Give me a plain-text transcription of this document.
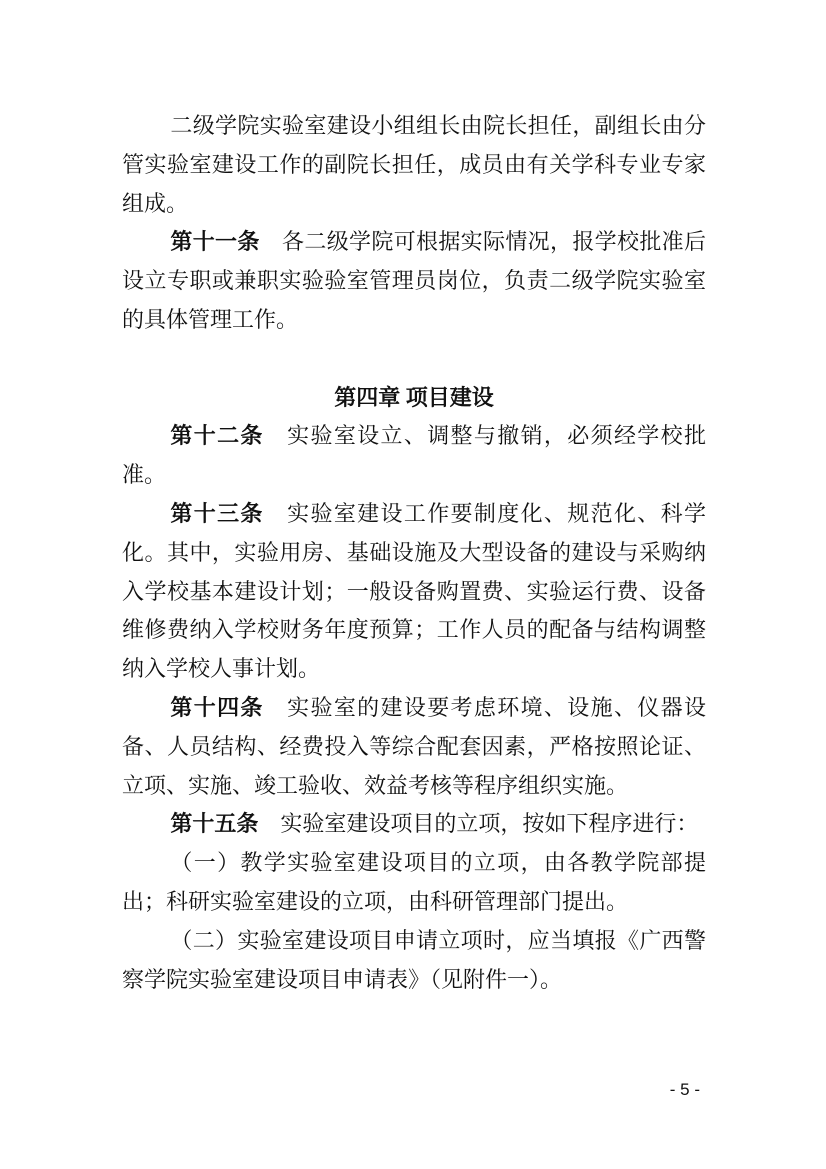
二级学院实验室建设小组组长由院长担任，副组长由分管实验室建设工作的副院长担任，成员由有关学科专业专家组成。

第十一条　各二级学院可根据实际情况，报学校批准后设立专职或兼职实验验室管理员岗位，负责二级学院实验室的具体管理工作。

第四章 项目建设

第十二条　实验室设立、调整与撤销，必须经学校批准。

第十三条　实验室建设工作要制度化、规范化、科学化。其中，实验用房、基础设施及大型设备的建设与采购纳入学校基本建设计划；一般设备购置费、实验运行费、设备维修费纳入学校财务年度预算；工作人员的配备与结构调整纳入学校人事计划。

第十四条　实验室的建设要考虑环境、设施、仪器设备、人员结构、经费投入等综合配套因素，严格按照论证、立项、实施、竣工验收、效益考核等程序组织实施。

第十五条　实验室建设项目的立项，按如下程序进行：

（一）教学实验室建设项目的立项，由各教学院部提出；科研实验室建设的立项，由科研管理部门提出。

（二）实验室建设项目申请立项时，应当填报《广西警察学院实验室建设项目申请表》（见附件一）。

- 5 -
